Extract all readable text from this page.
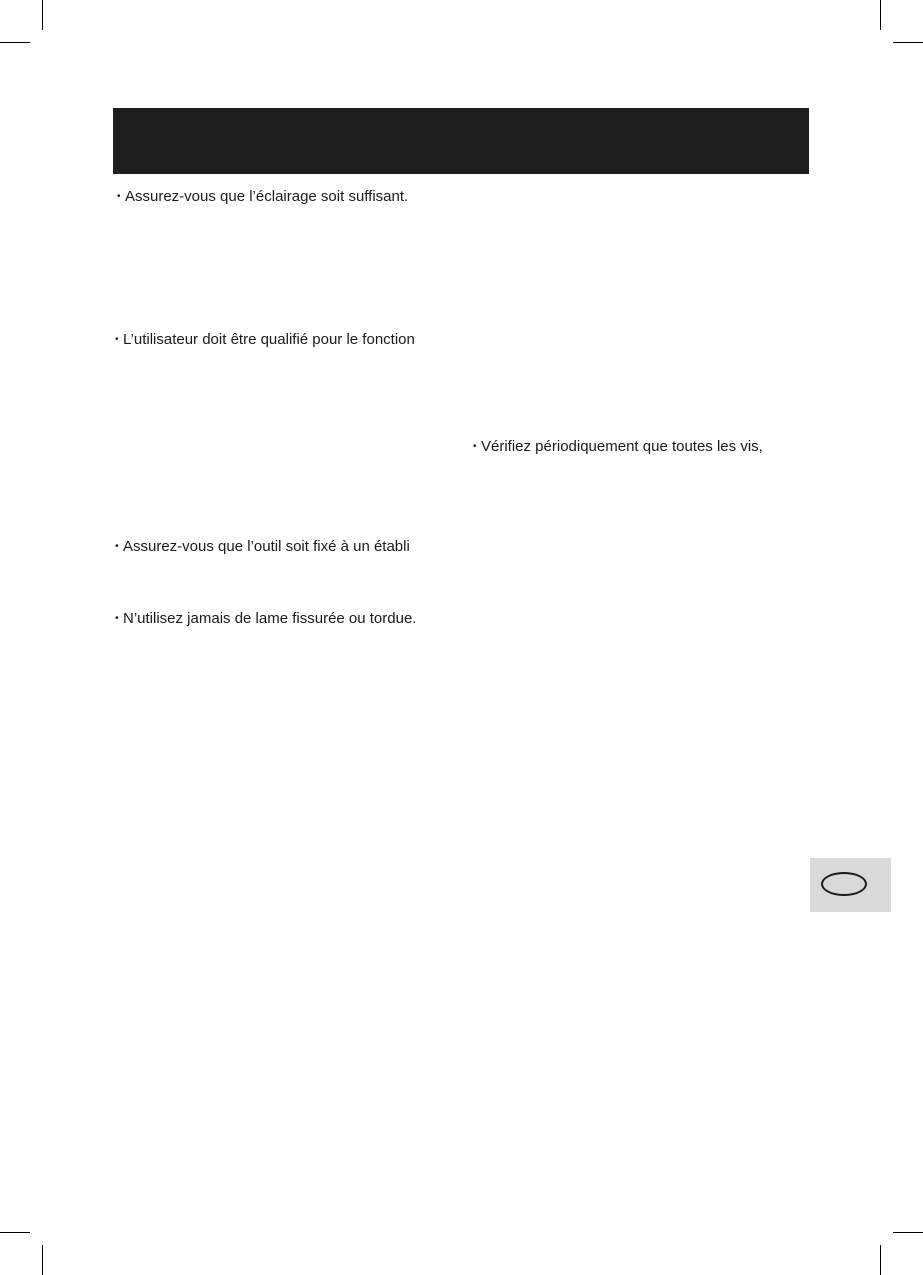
• Assurez-vous que l’éclairage soit suffisant.
• L’utilisateur doit être qualifié pour le fonction
• Vérifiez périodiquement que toutes les vis,
• Assurez-vous que l’outil soit fixé à un établi
• N’utilisez jamais de lame fissurée ou tordue.
